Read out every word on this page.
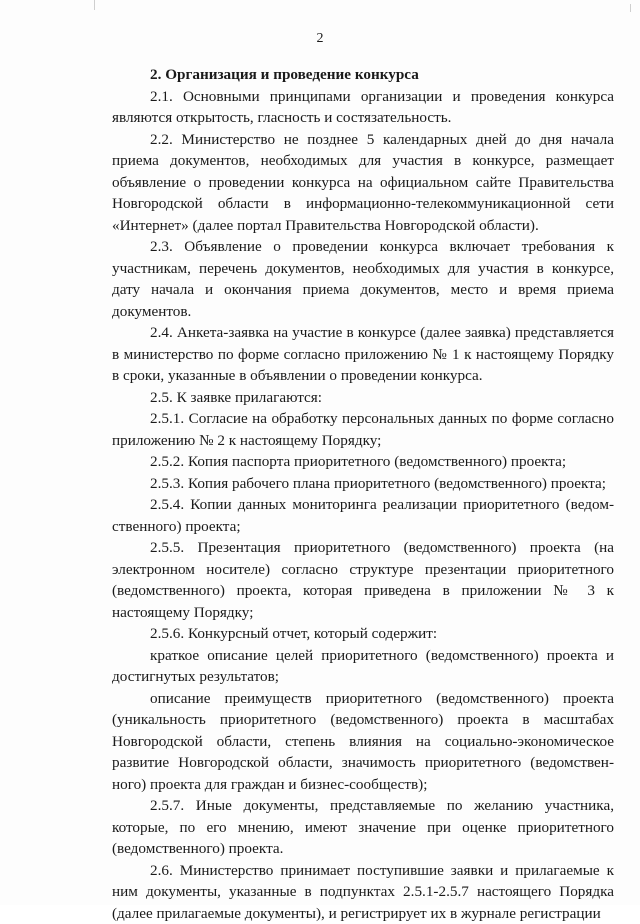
2
2. Организация и проведение конкурса

2.1. Основными принципами организации и проведения конкурса являются открытость, гласность и состязательность.

2.2. Министерство не позднее 5 календарных дней до дня начала приема документов, необходимых для участия в конкурсе, размещает объявление о проведении конкурса на официальном сайте Правительства Новгородской области в информационно-телекоммуникационной сети «Интернет» (далее портал Правительства Новгородской области).

2.3. Объявление о проведении конкурса включает требования к участникам, перечень документов, необходимых для участия в конкурсе, дату начала и окончания приема документов, место и время приема документов.

2.4. Анкета-заявка на участие в конкурсе (далее заявка) представляется в министерство по форме согласно приложению № 1 к настоящему Порядку в сроки, указанные в объявлении о проведении конкурса.

2.5. К заявке прилагаются:

2.5.1. Согласие на обработку персональных данных по форме согласно приложению № 2 к настоящему Порядку;

2.5.2. Копия паспорта приоритетного (ведомственного) проекта;

2.5.3. Копия рабочего плана приоритетного (ведомственного) проекта;

2.5.4. Копии данных мониторинга реализации приоритетного (ведомственного) проекта;

2.5.5. Презентация приоритетного (ведомственного) проекта (на электронном носителе) согласно структуре презентации приоритетного (ведомственного) проекта, которая приведена в приложении № 3 к настоящему Порядку;

2.5.6. Конкурсный отчет, который содержит:

краткое описание целей приоритетного (ведомственного) проекта и достигнутых результатов;

описание преимуществ приоритетного (ведомственного) проекта (уникальность приоритетного (ведомственного) проекта в масштабах Новгородской области, степень влияния на социально-экономическое развитие Новгородской области, значимость приоритетного (ведомственного) проекта для граждан и бизнес-сообществ);

2.5.7. Иные документы, представляемые по желанию участника, которые, по его мнению, имеют значение при оценке приоритетного (ведомственного) проекта.

2.6. Министерство принимает поступившие заявки и прилагаемые к ним документы, указанные в подпунктах 2.5.1-2.5.7 настоящего Порядка (далее прилагаемые документы), и регистрирует их в журнале регистрации
